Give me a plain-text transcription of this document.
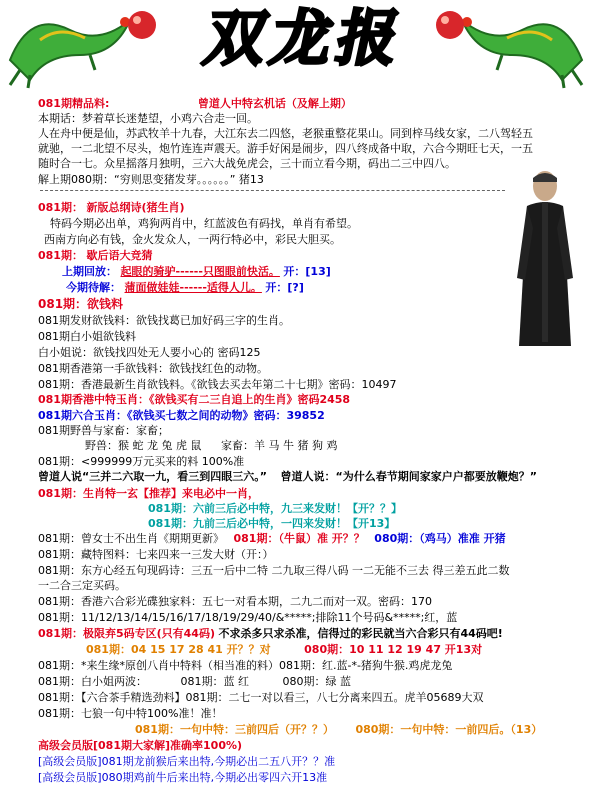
双龙报
081期精品料:	曾道人中特玄机话（及解上期）
本期话：梦着草长迷楚望，小鸡六合走一回。
人在舟中便是仙，苏武牧羊十九春，大江东去二四悠，老猴重整花果山。同到梓马线女家，二八驾轻五
就驰，一二北望不尽头，炮竹连连声震天。游手好闲是闹步，四八终成备中取，六合今期旺七天，一五
随时合一七。众星摇落月独明，三六大战免虎会，三十而立看今期，码出二三中四八。
解上期080期：“穷则思变猪发芽。。。。。。” 猪13
081期： 新版总纲诗(猪生肖)
特码今期必出单，鸡狗两肖中，红蓝波色有码找，单肖有希望。
西南方向必有钱，金火发众人，一两行特必中，彩民大胆买。
081期： 歇后语大竞猜
上期回放： 起眼的骑驴------只图眼前快活。 开：[13]
今期待解： 蒲面做娃娃------适得人儿。 开：[?]
081期：欲钱料
081期发财欲钱料：欲钱找葛已加好码三字的生肖。
081期白小姐欲钱料
白小姐说：欲钱找四处无人要小心的 密码125
081期香港第一手欲钱料：欲钱找红色的动物。
081期：香港最新生肖欲钱料。《欲钱去买去年第二十七期》密码：10497
081期香港中特玉肖：《欲钱买有二三自追上的生肖》密码2458
081期六合玉肖：《欲钱买七数之间的动物》密码：39852
081期野兽与家畜：家畜；
野兽：猴 蛇 龙 兔 虎 鼠 家畜：羊 马 牛 猪 狗 鸡
081期：<999999万元买来的料 100%准
曾道人说“三并二六取一九，看三到四眼三六。” 曾道人说：“为什么春节期间家家户户都要放鞭炮？”
081期：生肖特一玄【推荐】来电必中一肖，
081期：六前三后必中特，九三来发财！【开？？】
081期：九前三后必中特，一四来发财！【开13】
081期：曾女士不出生肖《期期更新》 081期：（牛鼠）准 开？？ 080期：（鸡马）准准 开猪
081期：藏特图料：七来四来一三发大财（开：）
081期：东方心经五句现码诗：三五一后中二特 二九取三得八码 一二无能不三去 得三差五此二数
一二合三定买码。
081期：香港六合彩光碟独家料：五七一对看本期，二九二而对一双。密码：170
081期：11/12/13/14/15/16/17/18/19/29/40/&*****;排除11个号码&*****;红，蓝
081期：极限弃5码专区(只有44码) 不求杀多只求杀准，信得过的彩民就当六合彩只有44码吧!
081期：04 15 17 28 41 开？？对	080期：10 11 12 19 47 开13对
081期：*来生缘*原创八肖中特料（相当准的料）081期：红.蓝-*-猪狗牛猴.鸡虎龙兔
081期：白小姐两波：	081期：蓝 红	080期：绿 蓝
081期：【六合茶手精选劲料】081期：二七一对以看三，八七分离来四五。虎羊05689大双
081期：七狼一句中特100%准！准！
081期：一句中特：三前四后（开？？） 080期：一句中特：一前四后。（13）
高级会员版[081期大家解]准确率100%)
[高级会员版]081期龙前猴后来出特,今期必出二五八开？？准
[高级会员版]080期鸡前牛后来出特,今期必出零四六开13准
